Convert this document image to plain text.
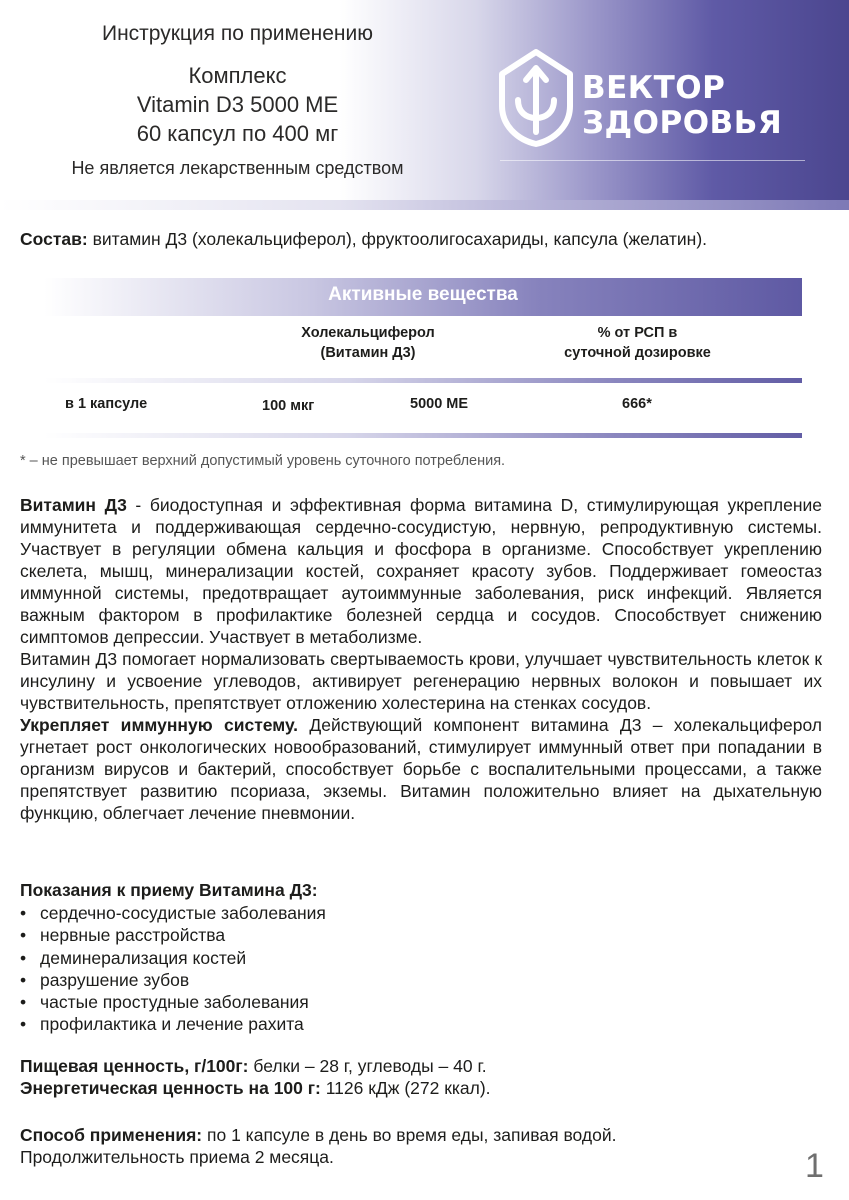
Инструкция по применению
Комплекс
Vitamin D3 5000 МЕ
60 капсул по 400 мг
Не является лекарственным средством
ВЕКТОР
ЗДОРОВЬЯ
Состав: витамин Д3 (холекальциферол), фруктоолигосахариды, капсула (желатин).
Активные вещества
Холекальциферол
(Витамин Д3)
% от РСП в
суточной дозировке
в 1 капсуле	100 мкг	5000 МЕ	666*
* – не превышает верхний допустимый уровень суточного потребления.
Витамин Д3 - биодоступная и эффективная форма витамина D, стимулирующая укрепление иммунитета и поддерживающая сердечно-сосудистую, нервную, репродуктивную системы. Участвует в регуляции обмена кальция и фосфора в организме. Способствует укреплению скелета, мышц, минерализации костей, сохраняет красоту зубов. Поддерживает гомеостаз иммунной системы, предотвращает аутоиммунные заболевания, риск инфекций. Является важным фактором в профилактике болезней сердца и сосудов. Способствует снижению симптомов депрессии. Участвует в метаболизме.
Витамин Д3 помогает нормализовать свертываемость крови, улучшает чувствительность клеток к инсулину и усвоение углеводов, активирует регенерацию нервных волокон и повышает их чувствительность, препятствует отложению холестерина на стенках сосудов.
Укрепляет иммунную систему. Действующий компонент витамина Д3 – холекальциферол угнетает рост онкологических новообразований, стимулирует иммунный ответ при попадании в организм вирусов и бактерий, способствует борьбе с воспалительными процессами, а также препятствует развитию псориаза, экземы. Витамин положительно влияет на дыхательную функцию, облегчает лечение пневмонии.
Показания к приему Витамина Д3:
• сердечно-сосудистые заболевания
• нервные расстройства
• деминерализация костей
• разрушение зубов
• частые простудные заболевания
• профилактика и лечение рахита
Пищевая ценность, г/100г: белки – 28 г, углеводы – 40 г.
Энергетическая ценность на 100 г: 1126 кДж (272 ккал).
Способ применения: по 1 капсуле в день во время еды, запивая водой.
Продолжительность приема 2 месяца.	1
